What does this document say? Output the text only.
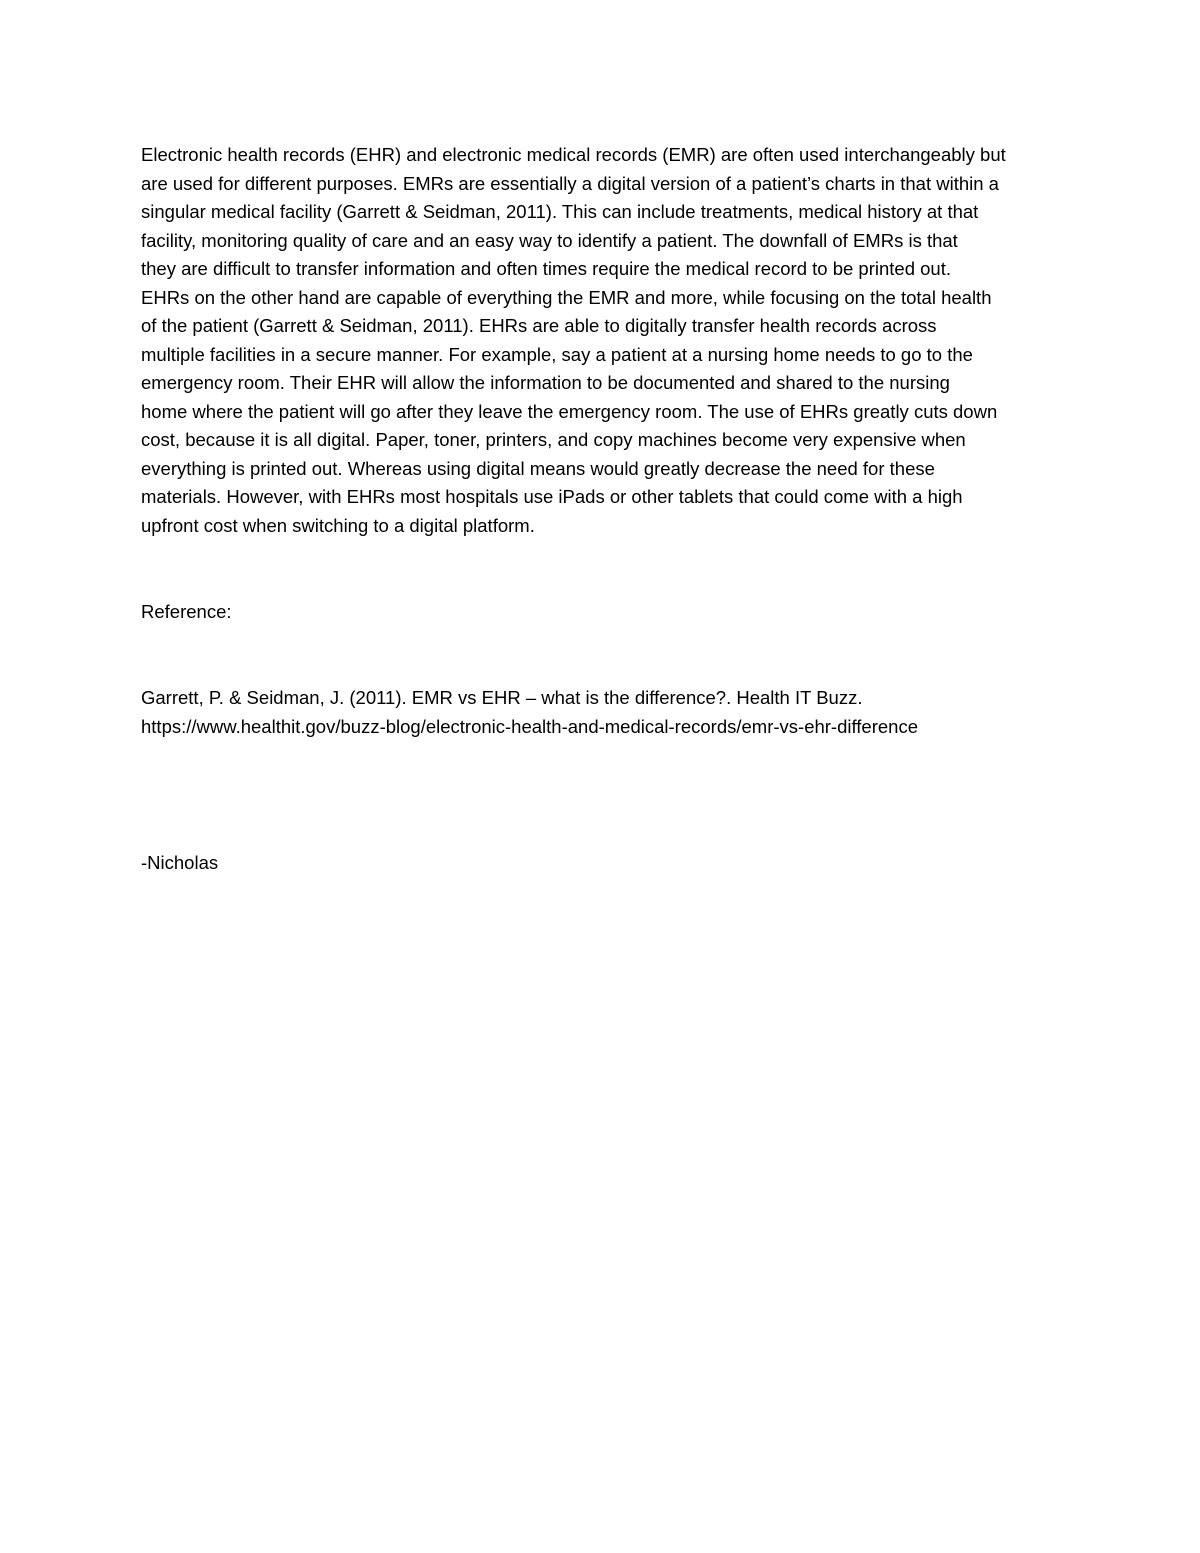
Electronic health records (EHR) and electronic medical records (EMR) are often used interchangeably but
are used for different purposes. EMRs are essentially a digital version of a patient’s charts in that within a
singular medical facility (Garrett & Seidman, 2011). This can include treatments, medical history at that
facility, monitoring quality of care and an easy way to identify a patient. The downfall of EMRs is that
they are difficult to transfer information and often times require the medical record to be printed out.
EHRs on the other hand are capable of everything the EMR and more, while focusing on the total health
of the patient (Garrett & Seidman, 2011). EHRs are able to digitally transfer health records across
multiple facilities in a secure manner. For example, say a patient at a nursing home needs to go to the
emergency room. Their EHR will allow the information to be documented and shared to the nursing
home where the patient will go after they leave the emergency room. The use of EHRs greatly cuts down
cost, because it is all digital. Paper, toner, printers, and copy machines become very expensive when
everything is printed out. Whereas using digital means would greatly decrease the need for these
materials. However, with EHRs most hospitals use iPads or other tablets that could come with a high
upfront cost when switching to a digital platform.

Reference:

Garrett, P. & Seidman, J. (2011). EMR vs EHR – what is the difference?. Health IT Buzz.
https://www.healthit.gov/buzz-blog/electronic-health-and-medical-records/emr-vs-ehr-difference

-Nicholas
